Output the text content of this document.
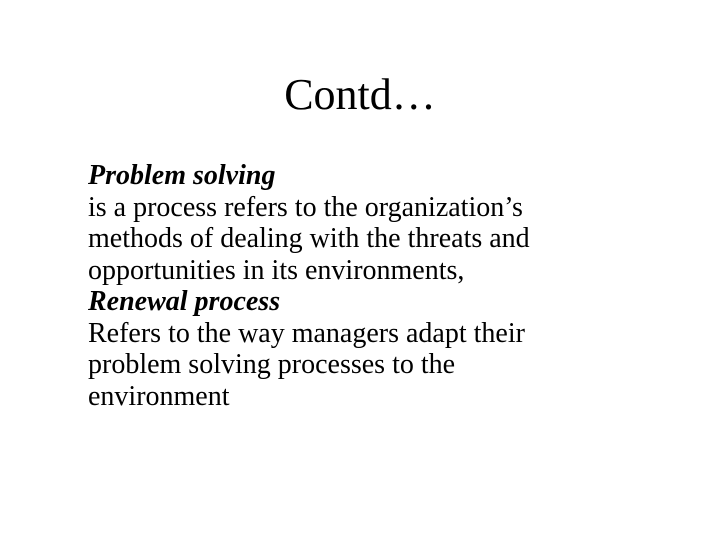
Contd…
Problem solving
is a process refers to the organization’s
methods of dealing with the threats and
opportunities in its environments,
Renewal process
Refers to the way managers adapt their
problem solving processes to the
environment
